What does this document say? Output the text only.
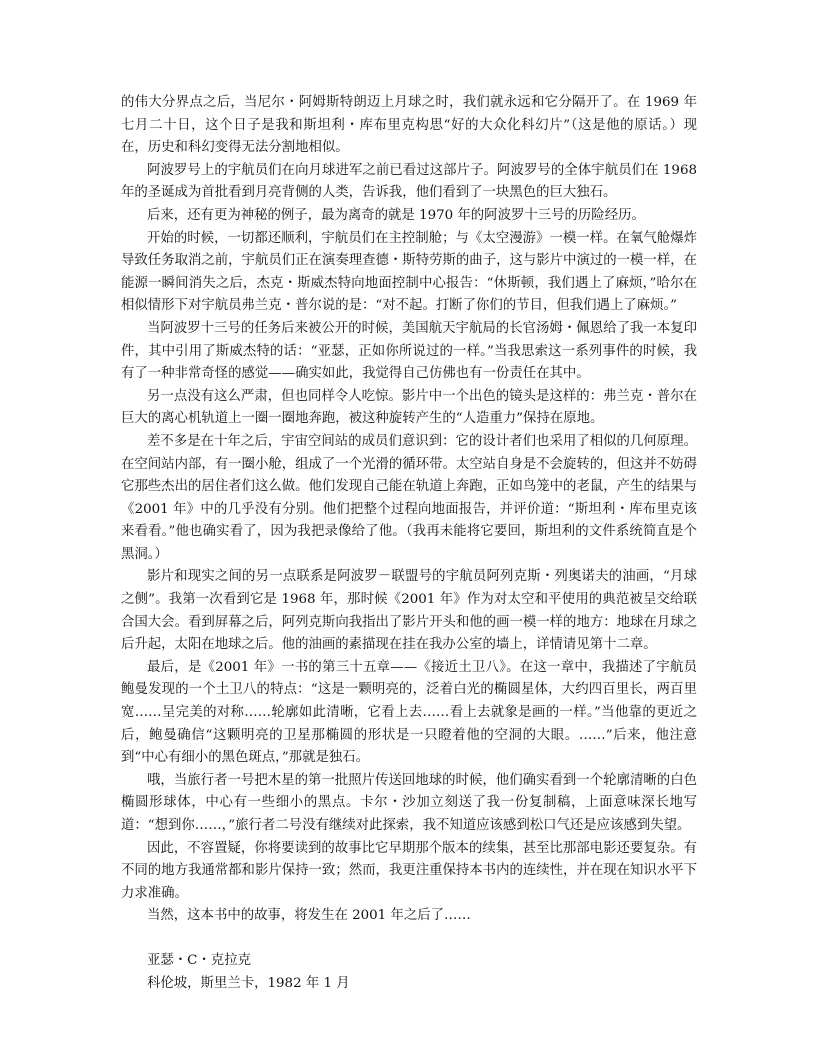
的伟大分界点之后，当尼尔・阿姆斯特朗迈上月球之时，我们就永远和它分隔开了。在 1969 年七月二十日，这个日子是我和斯坦利・库布里克构思“好的大众化科幻片”（这是他的原话。）现在，历史和科幻变得无法分割地相似。

阿波罗号上的宇航员们在向月球进军之前已看过这部片子。阿波罗号的全体宇航员们在 1968 年的圣诞成为首批看到月亮背侧的人类，告诉我，他们看到了一块黑色的巨大独石。

后来，还有更为神秘的例子，最为离奇的就是 1970 年的阿波罗十三号的历险经历。

开始的时候，一切都还顺利，宇航员们在主控制舱；与《太空漫游》一模一样。在氧气舱爆炸导致任务取消之前，宇航员们正在演奏理查德・斯特劳斯的曲子，这与影片中演过的一模一样，在能源一瞬间消失之后，杰克・斯威杰特向地面控制中心报告：“休斯顿，我们遇上了麻烦，”哈尔在相似情形下对宇航员弗兰克・普尔说的是：“对不起。打断了你们的节目，但我们遇上了麻烦。”

当阿波罗十三号的任务后来被公开的时候，美国航天宇航局的长官汤姆・佩恩给了我一本复印件，其中引用了斯威杰特的话：“亚瑟，正如你所说过的一样。”当我思索这一系列事件的时候，我有了一种非常奇怪的感觉——确实如此，我觉得自己仿佛也有一份责任在其中。

另一点没有这么严肃，但也同样令人吃惊。影片中一个出色的镜头是这样的：弗兰克・普尔在巨大的离心机轨道上一圈一圈地奔跑，被这种旋转产生的“人造重力”保持在原地。

差不多是在十年之后，宇宙空间站的成员们意识到：它的设计者们也采用了相似的几何原理。在空间站内部，有一圈小舱，组成了一个光滑的循环带。太空站自身是不会旋转的，但这并不妨碍它那些杰出的居住者们这么做。他们发现自己能在轨道上奔跑，正如鸟笼中的老鼠，产生的结果与《2001 年》中的几乎没有分别。他们把整个过程向地面报告，并评价道：“斯坦利・库布里克该来看看。”他也确实看了，因为我把录像给了他。（我再未能将它要回，斯坦利的文件系统简直是个黑洞。）

影片和现实之间的另一点联系是阿波罗－联盟号的宇航员阿列克斯・列奥诺夫的油画，“月球之侧”。我第一次看到它是 1968 年，那时候《2001 年》作为对太空和平使用的典范被呈交给联合国大会。看到屏幕之后，阿列克斯向我指出了影片开头和他的画一模一样的地方：地球在月球之后升起，太阳在地球之后。他的油画的素描现在挂在我办公室的墙上，详情请见第十二章。

最后，是《2001 年》一书的第三十五章——《接近土卫八》。在这一章中，我描述了宇航员鲍曼发现的一个土卫八的特点：“这是一颗明亮的，泛着白光的椭圆星体，大约四百里长，两百里宽……呈完美的对称……轮廓如此清晰，它看上去……看上去就象是画的一样。”当他靠的更近之后，鲍曼确信“这颗明亮的卫星那椭圆的形状是一只瞪着他的空洞的大眼。……”后来，他注意到“中心有细小的黑色斑点，”那就是独石。

哦，当旅行者一号把木星的第一批照片传送回地球的时候，他们确实看到一个轮廓清晰的白色椭圆形球体，中心有一些细小的黑点。卡尔・沙加立刻送了我一份复制稿，上面意味深长地写道：“想到你……，”旅行者二号没有继续对此探索，我不知道应该感到松口气还是应该感到失望。

因此，不容置疑，你将要读到的故事比它早期那个版本的续集，甚至比那部电影还要复杂。有不同的地方我通常都和影片保持一致；然而，我更注重保持本书内的连续性，并在现在知识水平下力求准确。

当然，这本书中的故事，将发生在 2001 年之后了……

亚瑟・C・克拉克

科伦坡，斯里兰卡，1982 年 1 月
